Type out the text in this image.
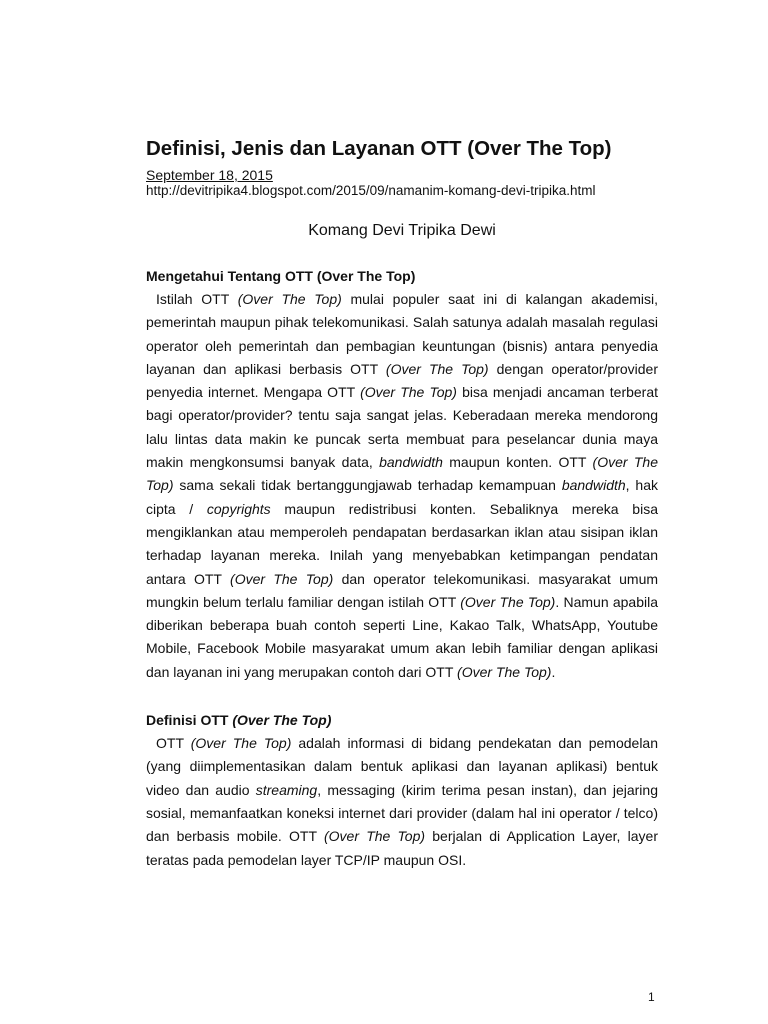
Definisi, Jenis dan Layanan OTT (Over The Top)
September 18, 2015
http://devitripika4.blogspot.com/2015/09/namanim-komang-devi-tripika.html
Komang Devi Tripika Dewi
Mengetahui Tentang OTT (Over The Top)

Istilah OTT (Over The Top) mulai populer saat ini di kalangan akademisi, pemerintah maupun pihak telekomunikasi. Salah satunya adalah masalah regulasi operator oleh pemerintah dan pembagian keuntungan (bisnis) antara penyedia layanan dan aplikasi berbasis OTT (Over The Top) dengan operator/provider penyedia internet. Mengapa OTT (Over The Top) bisa menjadi ancaman terberat bagi operator/provider? tentu saja sangat jelas. Keberadaan mereka mendorong lalu lintas data makin ke puncak serta membuat para peselancar dunia maya makin mengkonsumsi banyak data, bandwidth maupun konten. OTT (Over The Top) sama sekali tidak bertanggungjawab terhadap kemampuan bandwidth, hak cipta / copyrights maupun redistribusi konten. Sebaliknya mereka bisa mengiklankan atau memperoleh pendapatan berdasarkan iklan atau sisipan iklan terhadap layanan mereka. Inilah yang menyebabkan ketimpangan pendatan antara OTT (Over The Top) dan operator telekomunikasi. masyarakat umum mungkin belum terlalu familiar dengan istilah OTT (Over The Top). Namun apabila diberikan beberapa buah contoh seperti Line, Kakao Talk, WhatsApp, Youtube Mobile, Facebook Mobile masyarakat umum akan lebih familiar dengan aplikasi dan layanan ini yang merupakan contoh dari OTT (Over The Top).

Definisi OTT (Over The Top)

OTT (Over The Top) adalah informasi di bidang pendekatan dan pemodelan (yang diimplementasikan dalam bentuk aplikasi dan layanan aplikasi) bentuk video dan audio streaming, messaging (kirim terima pesan instan), dan jejaring sosial, memanfaatkan koneksi internet dari provider (dalam hal ini operator / telco) dan berbasis mobile. OTT (Over The Top) berjalan di Application Layer, layer teratas pada pemodelan layer TCP/IP maupun OSI.

1
